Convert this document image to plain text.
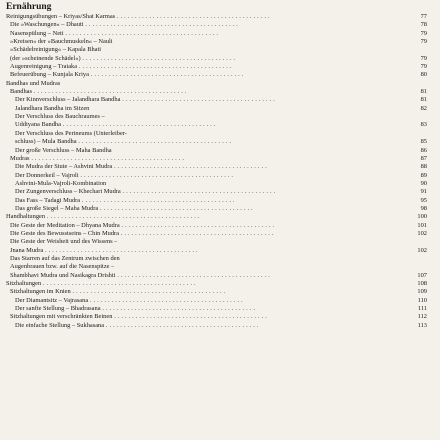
Ernährung
Reinigungsübungen – Kriyas/Shat Karmas . . .	77
Die »Waschungen« – Dhauti . . .	78
Nasenspülung – Neti . . .	79
»Kreisen« der »Bauchmuskeln« – Nauli	79
»Schädelreinigung« – Kapala Bhati
(der »scheinende Schädel«) . . .	79
Augenreinigung – Trataka . . .	79
Befeuerübung – Kunjala Kriya . . .	80
Bandhas und Mudras
Bandhas . . .	81
Der Kinnverschluss – Jalandhara Bandha . . .	81
Jalandhara Bandha im Sitzen	82
Der Verschluss des Bauchraumes –
Uddiyana Bandha . . .	83
Der Verschluss des Perineums (Unterleiber-
schluss) – Mula Bandha . . .	85
Der große Verschluss – Maha Bandha	86
Mudras . . .	87
Die Mudra der Stute – Ashvini Mudra . . .	88
Der Donnerkeil – Vajroli . . .	89
Ashvini-Mula-Vajroli-Kombination	90
Der Zungenverschluss – Khechari Mudra . . .	91
Das Fass – Tadagi Mudra . . .	95
Das große Siegel – Maha Mudra . . .	98
Handhaltungen . . .	100
Die Geste der Meditation – Dhyana Mudra . . .	101
Die Geste des Bewusstseins – Chin Mudra . . .	102
Die Geste der Weisheit und des Wissens –
Jnana Mudra . . .	102
Das Starren auf das Zentrum zwischen den
Augenbrauen bzw. auf die Nasenspitze –
Shambhavi Mudra und Nasikagra Drishti . . .	107
Sitzhaltungen . . .	108
Sitzhaltungen im Knien . . .	109
Der Diamantsitz – Vajrasana . . .	110
Der sanfte Stellung – Bhadrasana . . .	111
Sitzhaltungen mit verschränkten Beinen . . .	112
Die einfache Stellung – Sukhasana . . .	113
